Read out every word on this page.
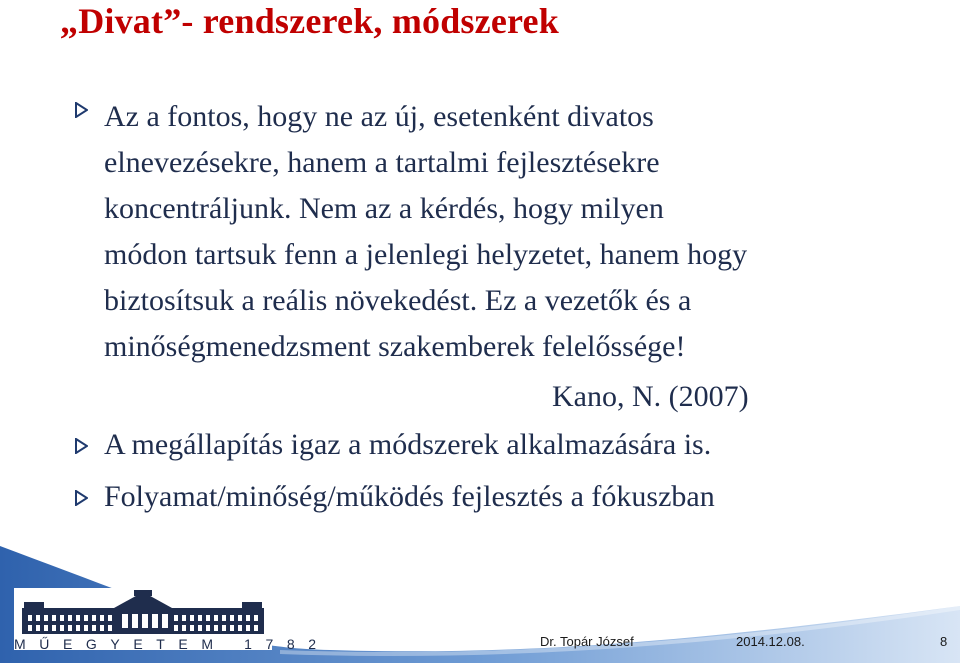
„Divat”- rendszerek, módszerek
Az a fontos, hogy ne az új, esetenként divatos
elnevezésekre, hanem a tartalmi fejlesztésekre
koncentráljunk. Nem az a kérdés, hogy milyen
módon tartsuk fenn a jelenlegi helyzetet, hanem hogy
biztosítsuk a reális növekedést. Ez a vezetők és a
minőségmenedzsment szakemberek felelőssége!
Kano, N. (2007)
A megállapítás igaz a módszerek alkalmazására is.
Folyamat/minőség/működés fejlesztés a fókuszban
MŰEGYETEM 1782	Dr. Topár József	2014.12.08.	8
